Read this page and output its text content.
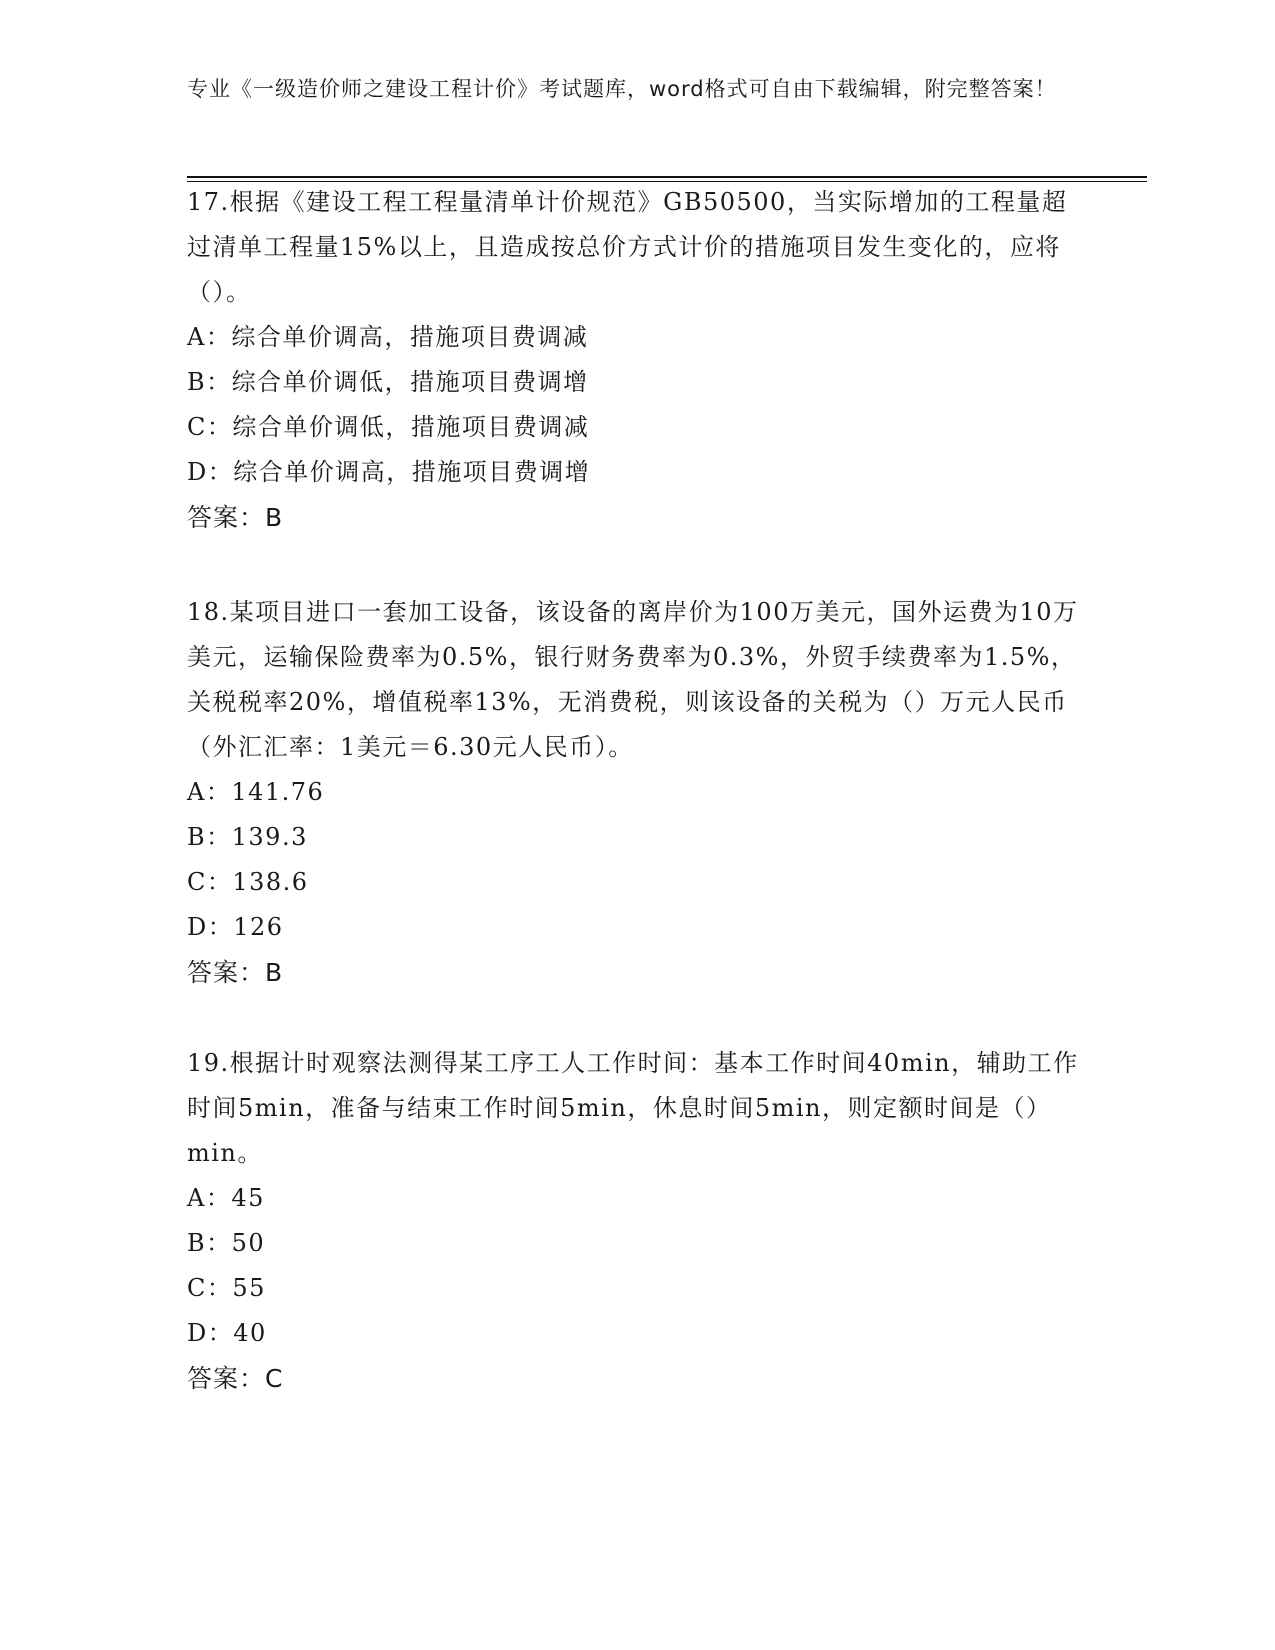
专业《一级造价师之建设工程计价》考试题库，word格式可自由下载编辑，附完整答案！
17.根据《建设工程工程量清单计价规范》GB50500，当实际增加的工程量超过清单工程量15%以上，且造成按总价方式计价的措施项目发生变化的，应将（）。
A：综合单价调高，措施项目费调减
B：综合单价调低，措施项目费调增
C：综合单价调低，措施项目费调减
D：综合单价调高，措施项目费调增
答案：B
18.某项目进口一套加工设备，该设备的离岸价为100万美元，国外运费为10万美元，运输保险费率为0.5%，银行财务费率为0.3%，外贸手续费率为1.5%，关税税率20%，增值税率13%，无消费税，则该设备的关税为（）万元人民币（外汇汇率：1美元＝6.30元人民币）。
A：141.76
B：139.3
C：138.6
D：126
答案：B
19.根据计时观察法测得某工序工人工作时间：基本工作时间40min，辅助工作时间5min，准备与结束工作时间5min，休息时间5min，则定额时间是（）min。
A：45
B：50
C：55
D：40
答案：C
